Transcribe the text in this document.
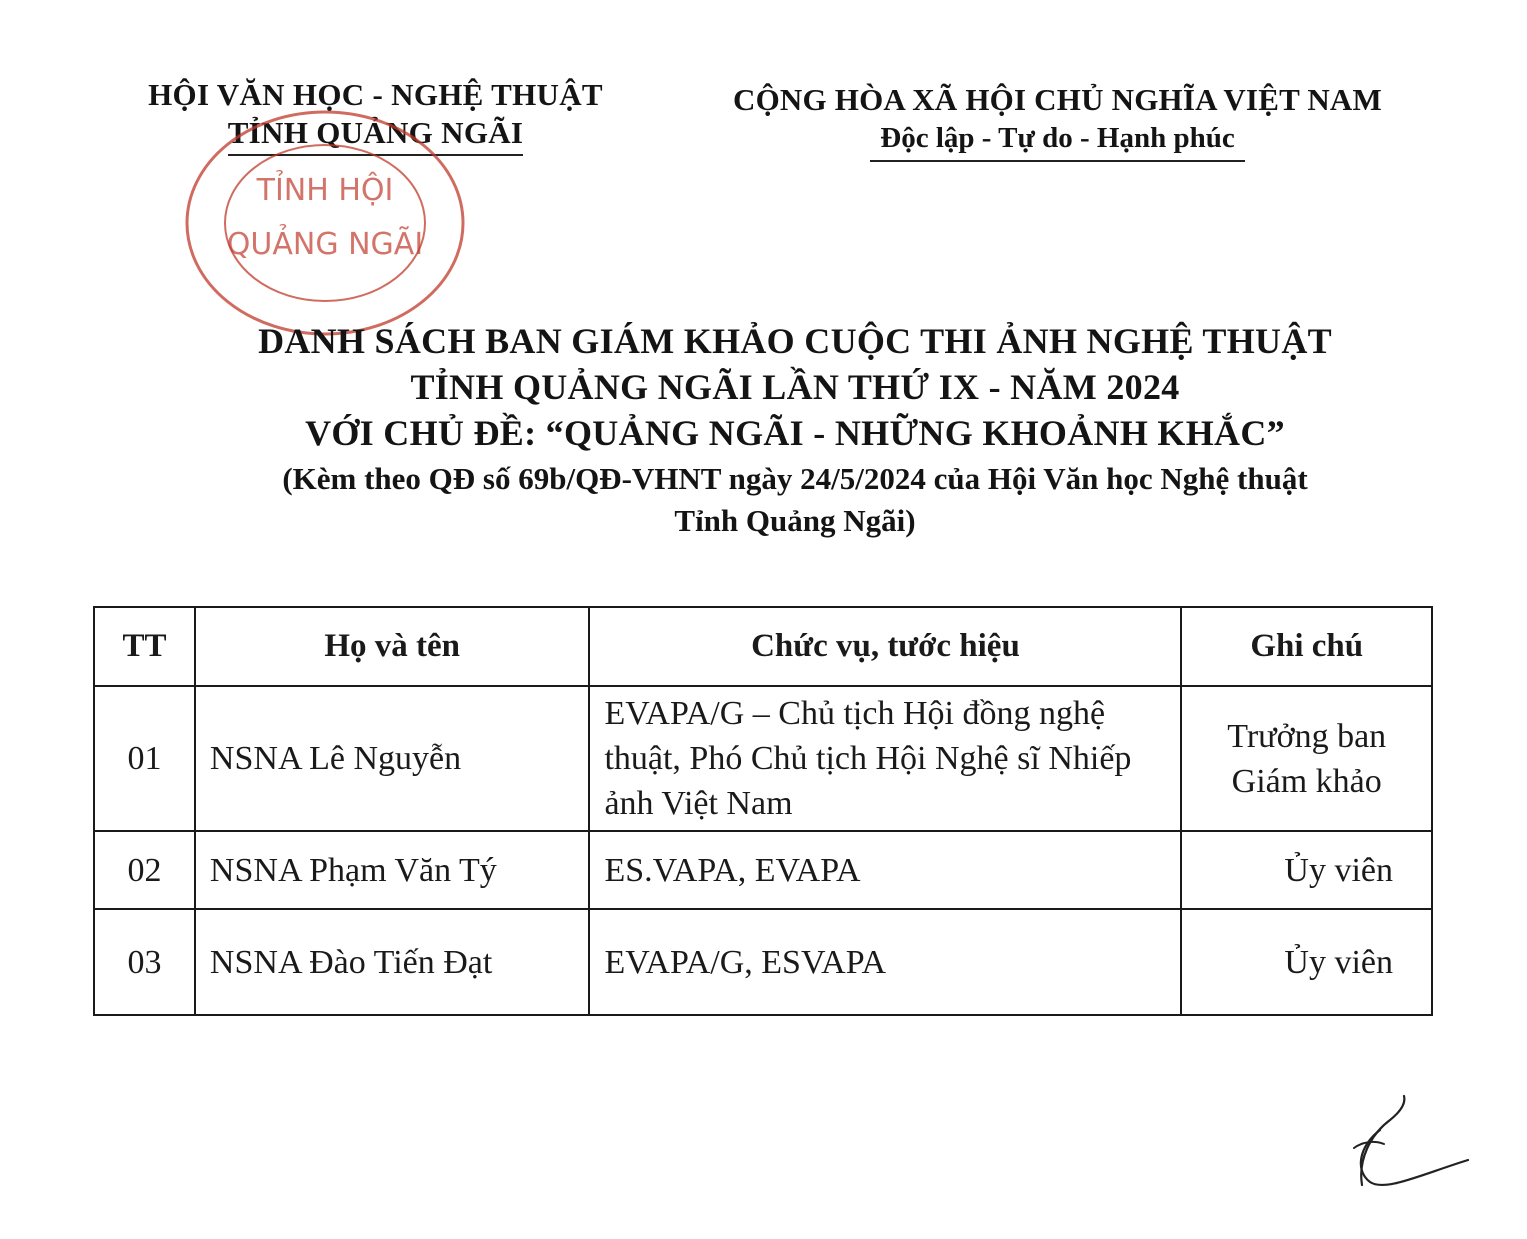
HỘI VĂN HỌC - NGHỆ THUẬT
TỈNH QUẢNG NGÃI
CỘNG HÒA XÃ HỘI CHỦ NGHĨA VIỆT NAM
Độc lập - Tự do - Hạnh phúc
TỈNH HỘI
QUẢNG NGÃI
DANH SÁCH BAN GIÁM KHẢO CUỘC THI ẢNH NGHỆ THUẬT
TỈNH QUẢNG NGÃI LẦN THỨ IX - NĂM 2024
VỚI CHỦ ĐỀ: “QUẢNG NGÃI - NHỮNG KHOẢNH KHẮC”
(Kèm theo QĐ số 69b/QĐ-VHNT ngày 24/5/2024 của Hội Văn học Nghệ thuật
Tỉnh Quảng Ngãi)
TT	Họ và tên	Chức vụ, tước hiệu	Ghi chú
01	NSNA Lê Nguyễn	EVAPA/G – Chủ tịch Hội đồng nghệ thuật, Phó Chủ tịch Hội Nghệ sĩ Nhiếp ảnh Việt Nam	Trưởng ban Giám khảo
02	NSNA Phạm Văn Tý	ES.VAPA, EVAPA	Ủy viên
03	NSNA Đào Tiến Đạt	EVAPA/G, ESVAPA	Ủy viên
